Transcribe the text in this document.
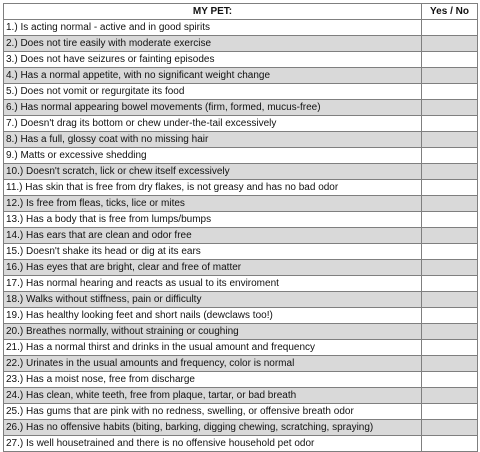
MY PET:	Yes / No
1.) Is acting normal - active and in good spirits	
2.) Does not tire easily with moderate exercise	
3.) Does not have seizures or fainting episodes	
4.) Has a normal appetite, with no significant weight change	
5.) Does not vomit or regurgitate its food	
6.) Has normal appearing bowel movements (firm, formed, mucus-free)	
7.) Doesn't drag its bottom or chew under-the-tail excessively	
8.) Has a full, glossy coat with no missing hair	
9.) Matts or excessive shedding	
10.) Doesn't scratch, lick or chew itself excessively	
11.) Has skin that is free from dry flakes, is not greasy and has no bad odor	
12.) Is free from fleas, ticks, lice or mites	
13.) Has a body that is free from lumps/bumps	
14.) Has ears that are clean and odor free	
15.) Doesn't shake its head or dig at its ears	
16.) Has eyes that are bright, clear and free of matter	
17.) Has normal hearing and reacts as usual to its enviroment	
18.) Walks without stiffness, pain or difficulty	
19.) Has healthy looking feet and short nails (dewclaws too!)	
20.) Breathes normally, without straining or coughing	
21.) Has a normal thirst and drinks in the usual amount and frequency	
22.) Urinates in the usual amounts and frequency, color is normal	
23.) Has a moist nose, free from discharge	
24.) Has clean, white teeth, free from plaque, tartar, or bad breath	
25.) Has gums that are pink with no redness, swelling, or offensive breath odor	
26.) Has no offensive habits (biting, barking, digging chewing, scratching, spraying)	
27.) Is well housetrained and there is no offensive household pet odor	
